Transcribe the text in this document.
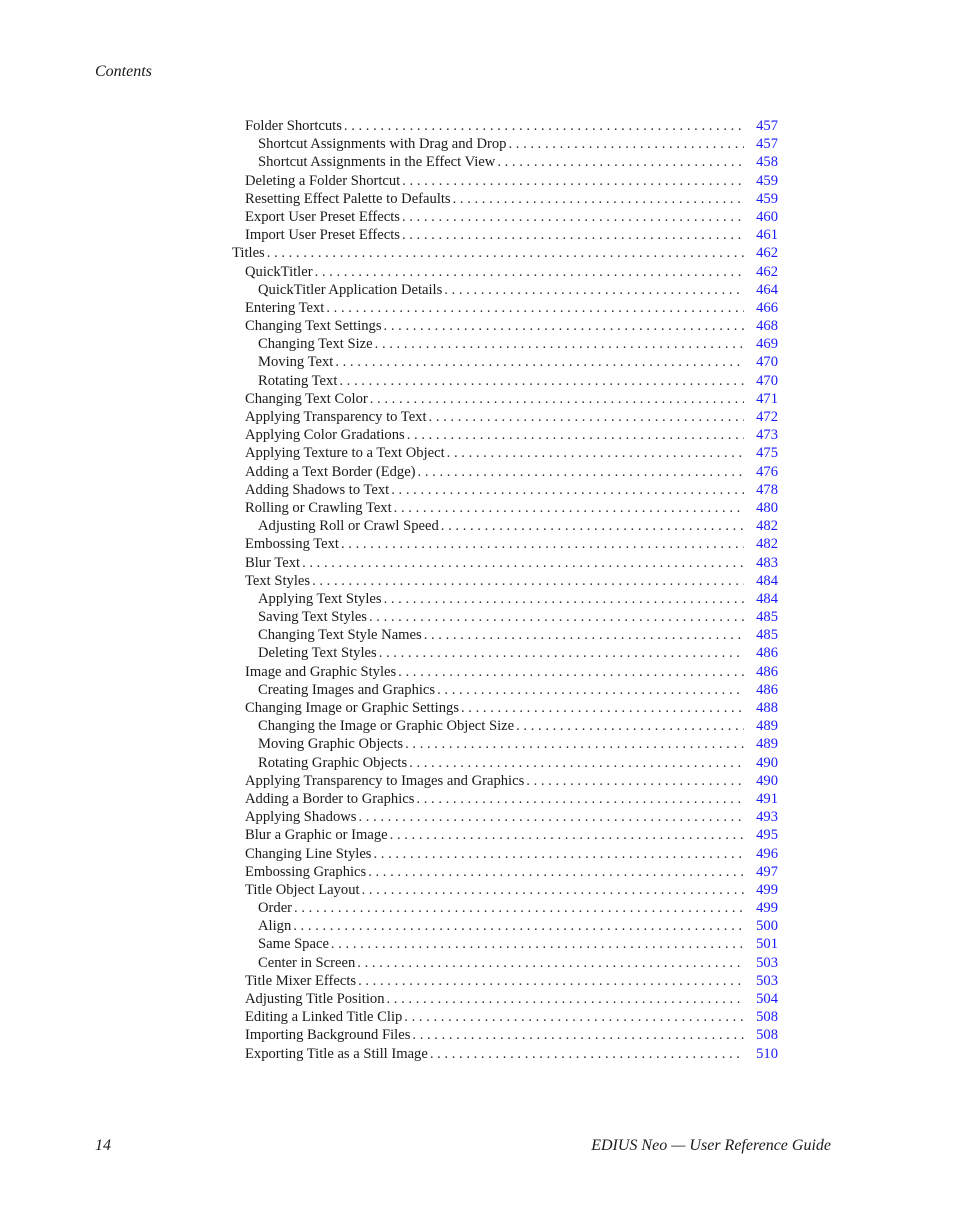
Contents
Folder Shortcuts . . .	457
Shortcut Assignments with Drag and Drop . . .	457
Shortcut Assignments in the Effect View . . .	458
Deleting a Folder Shortcut . . .	459
Resetting Effect Palette to Defaults . . .	459
Export User Preset Effects . . .	460
Import User Preset Effects . . .	461
Titles . . .	462
QuickTitler . . .	462
QuickTitler Application Details . . .	464
Entering Text . . .	466
Changing Text Settings . . .	468
Changing Text Size . . .	469
Moving Text . . .	470
Rotating Text . . .	470
Changing Text Color . . .	471
Applying Transparency to Text . . .	472
Applying Color Gradations . . .	473
Applying Texture to a Text Object . . .	475
Adding a Text Border (Edge) . . .	476
Adding Shadows to Text . . .	478
Rolling or Crawling Text . . .	480
Adjusting Roll or Crawl Speed . . .	482
Embossing Text . . .	482
Blur Text . . .	483
Text Styles . . .	484
Applying Text Styles . . .	484
Saving Text Styles . . .	485
Changing Text Style Names . . .	485
Deleting Text Styles . . .	486
Image and Graphic Styles . . .	486
Creating Images and Graphics . . .	486
Changing Image or Graphic Settings . . .	488
Changing the Image or Graphic Object Size . . .	489
Moving Graphic Objects . . .	489
Rotating Graphic Objects . . .	490
Applying Transparency to Images and Graphics . . .	490
Adding a Border to Graphics . . .	491
Applying Shadows . . .	493
Blur a Graphic or Image . . .	495
Changing Line Styles . . .	496
Embossing Graphics . . .	497
Title Object Layout . . .	499
Order . . .	499
Align . . .	500
Same Space . . .	501
Center in Screen . . .	503
Title Mixer Effects . . .	503
Adjusting Title Position . . .	504
Editing a Linked Title Clip . . .	508
Importing Background Files . . .	508
Exporting Title as a Still Image . . .	510
14	EDIUS Neo — User Reference Guide
